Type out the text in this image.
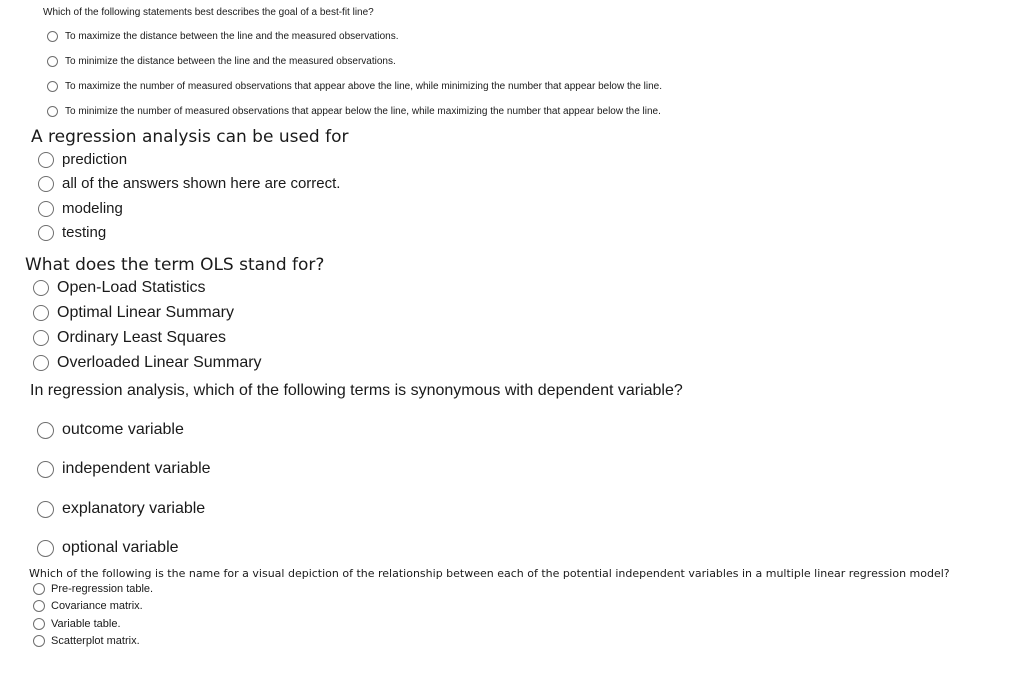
Which of the following statements best describes the goal of a best-fit line?
To maximize the distance between the line and the measured observations.
To minimize the distance between the line and the measured observations.
To maximize the number of measured observations that appear above the line, while minimizing the number that appear below the line.
To minimize the number of measured observations that appear below the line, while maximizing the number that appear below the line.
A regression analysis can be used for
prediction
all of the answers shown here are correct.
modeling
testing
What does the term OLS stand for?
Open-Load Statistics
Optimal Linear Summary
Ordinary Least Squares
Overloaded Linear Summary
In regression analysis, which of the following terms is synonymous with dependent variable?
outcome variable
independent variable
explanatory variable
optional variable
Which of the following is the name for a visual depiction of the relationship between each of the potential independent variables in a multiple linear regression model?
Pre-regression table.
Covariance matrix.
Variable table.
Scatterplot matrix.
